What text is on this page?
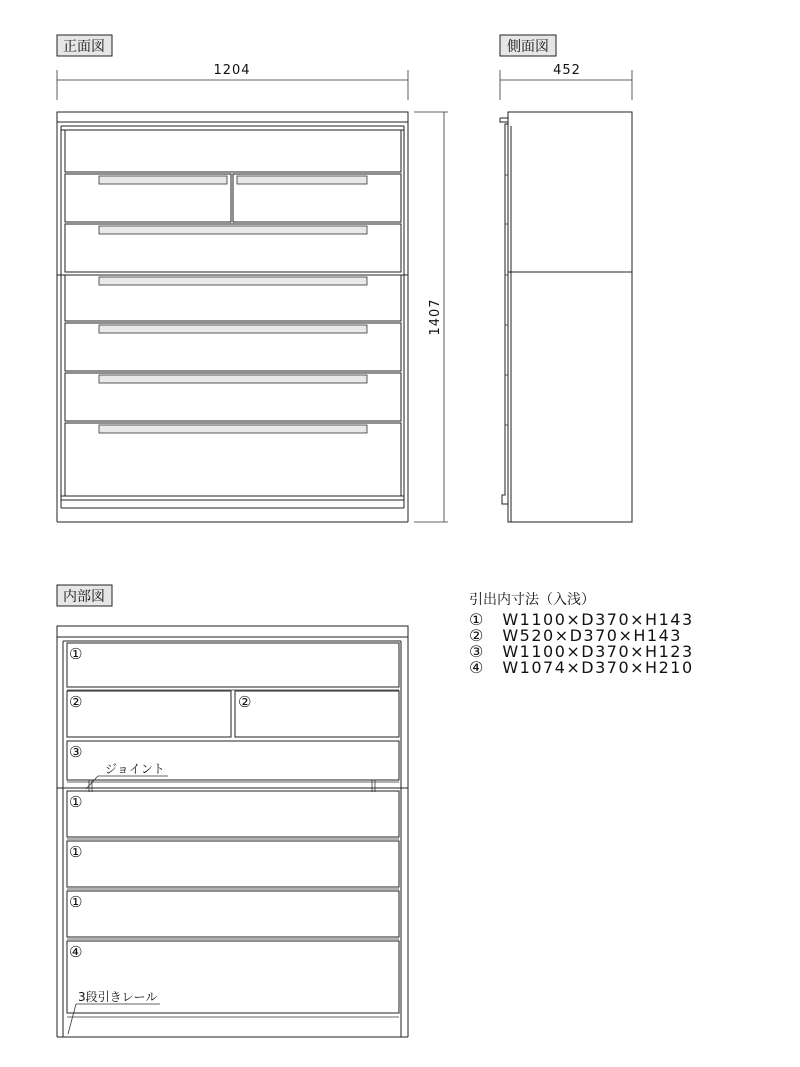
正面図
1204
1407
側面図
452
内部図
①
②	②
③
①
①
①
④
ジョイント
3段引きレール
引出内寸法（入浅）
①　W1100×D370×H143
②　W520×D370×H143
③　W1100×D370×H123
④　W1074×D370×H210
